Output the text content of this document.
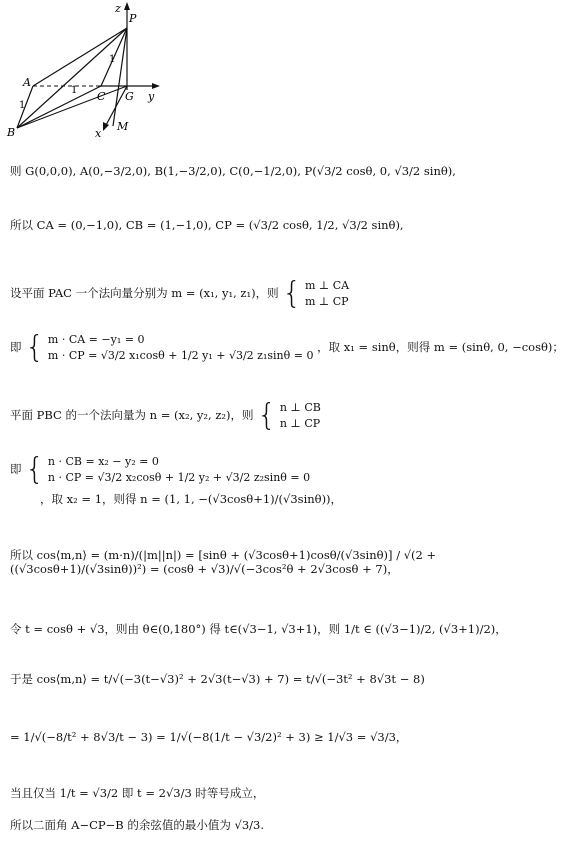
z
y
x
P
A
B
C G
M
1
1
1
则 G(0,0,0), A(0,−3/2,0), B(1,−3/2,0), C(0,−1/2,0), P(√3/2 cosθ, 0, √3/2 sinθ),
所以 CA = (0,−1,0), CB = (1,−1,0), CP = (√3/2 cosθ, 1/2, √3/2 sinθ),
设平面 PAC 一个法向量分别为 m = (x₁, y₁, z₁)，则 { m ⊥ CA
m ⊥ CP
即 { m · CA = −y₁ = 0
m · CP = √3/2 x₁cosθ + 1/2 y₁ + √3/2 z₁sinθ = 0
，取 x₁ = sinθ，则得 m = (sinθ, 0, −cosθ)；
平面 PBC 的一个法向量为 n = (x₂, y₂, z₂)，则 { n ⊥ CB
n ⊥ CP
即 { n · CB = x₂ − y₂ = 0
n · CP = √3/2 x₂cosθ + 1/2 y₂ + √3/2 z₂sinθ = 0
，取 x₂ = 1，则得 n = (1, 1, −(√3cosθ+1)/(√3sinθ))，
所以 cos⟨m,n⟩ = (m·n)/(|m||n|) = [sinθ + (√3cosθ+1)cosθ/(√3sinθ)] / √(2 + ((√3cosθ+1)/(√3sinθ))²) = (cosθ + √3)/√(−3cos²θ + 2√3cosθ + 7)，
令 t = cosθ + √3，则由 θ∈(0,180°) 得 t∈(√3−1, √3+1)，则 1/t ∈ ((√3−1)/2, (√3+1)/2)，
于是 cos⟨m,n⟩ = t/√(−3(t−√3)² + 2√3(t−√3) + 7) = t/√(−3t² + 8√3t − 8)
= 1/√(−8/t² + 8√3/t − 3) = 1/√(−8(1/t − √3/2)² + 3) ≥ 1/√3 = √3/3，
当且仅当 1/t = √3/2 即 t = 2√3/3 时等号成立，
所以二面角 A−CP−B 的余弦值的最小值为 √3/3.
